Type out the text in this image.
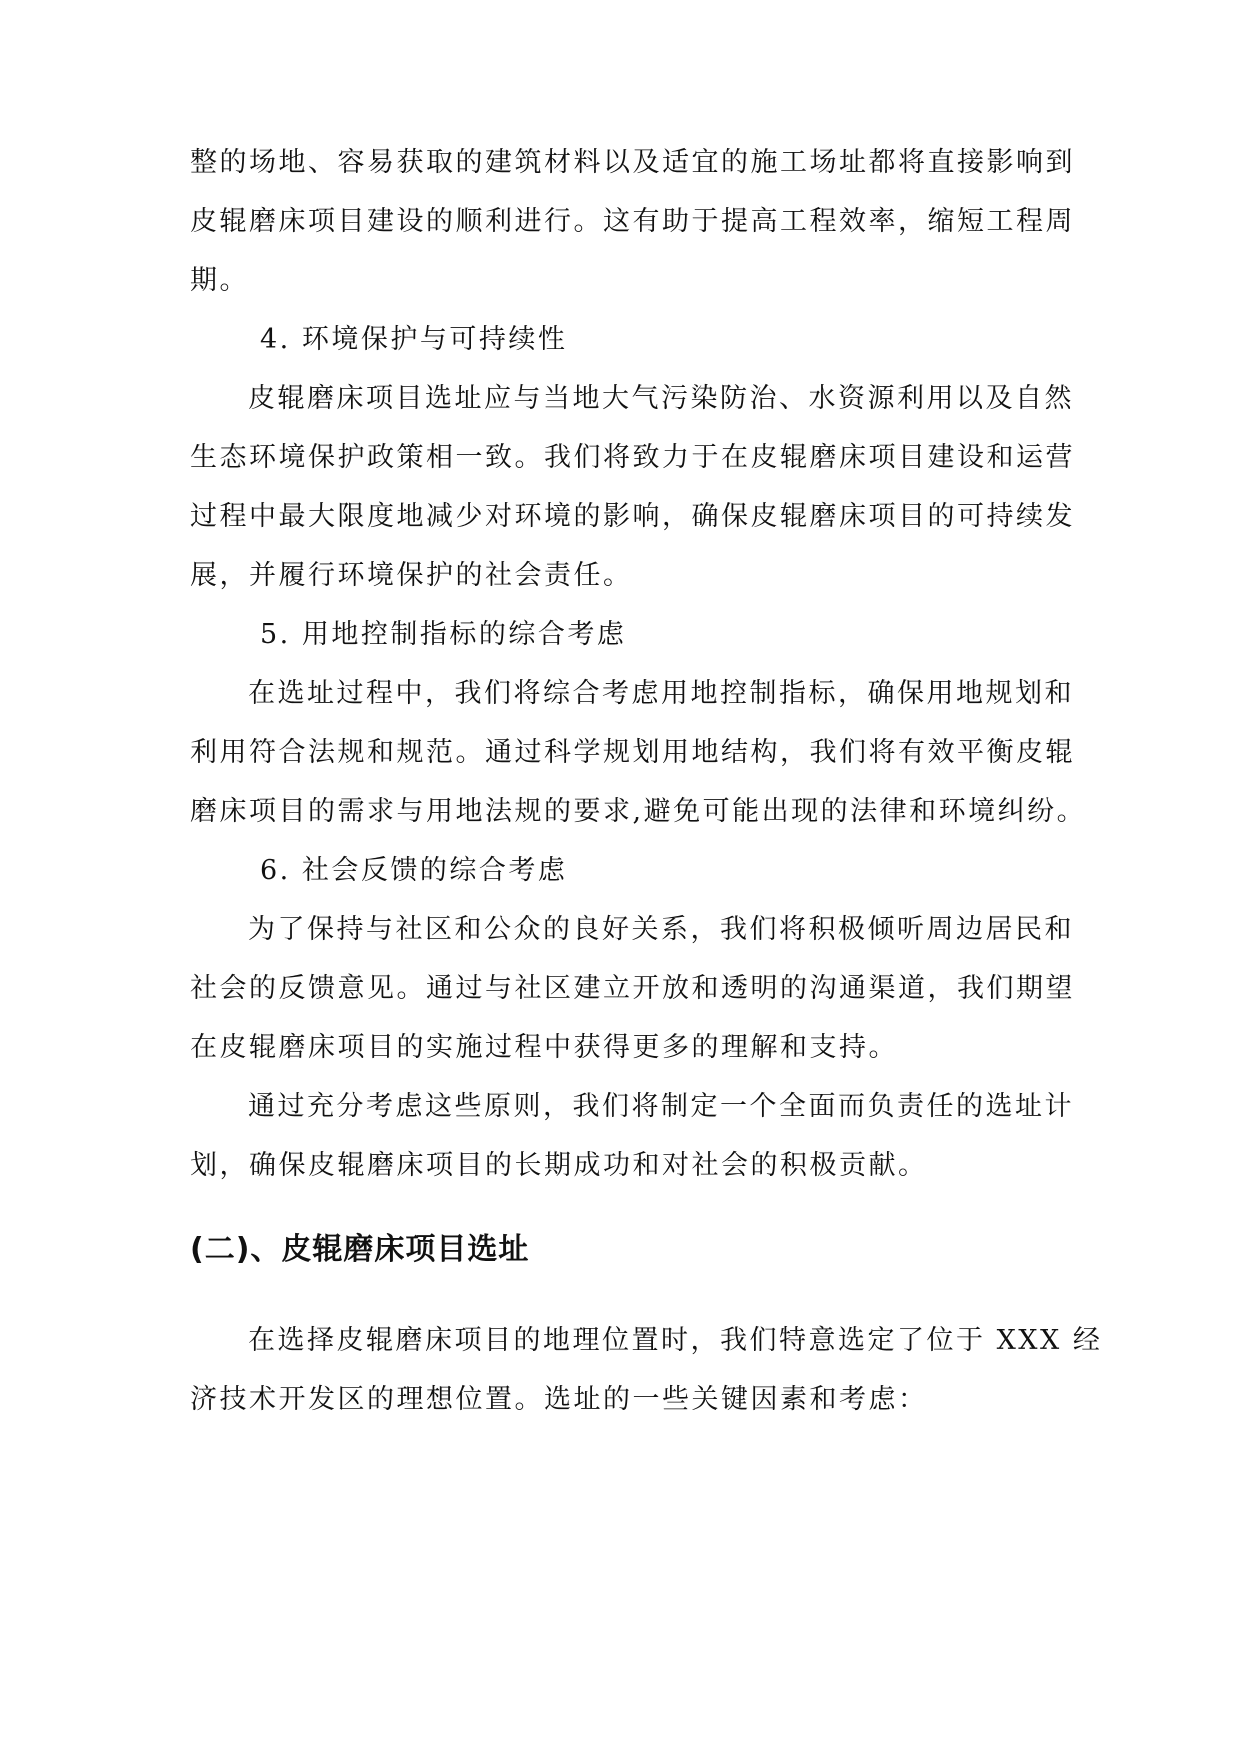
整的场地、容易获取的建筑材料以及适宜的施工场址都将直接影响到
皮辊磨床项目建设的顺利进行。这有助于提高工程效率，缩短工程周
期。
4. 环境保护与可持续性
皮辊磨床项目选址应与当地大气污染防治、水资源利用以及自然
生态环境保护政策相一致。我们将致力于在皮辊磨床项目建设和运营
过程中最大限度地减少对环境的影响，确保皮辊磨床项目的可持续发
展，并履行环境保护的社会责任。
5. 用地控制指标的综合考虑
在选址过程中，我们将综合考虑用地控制指标，确保用地规划和
利用符合法规和规范。通过科学规划用地结构，我们将有效平衡皮辊
磨床项目的需求与用地法规的要求,避免可能出现的法律和环境纠纷。
6. 社会反馈的综合考虑
为了保持与社区和公众的良好关系，我们将积极倾听周边居民和
社会的反馈意见。通过与社区建立开放和透明的沟通渠道，我们期望
在皮辊磨床项目的实施过程中获得更多的理解和支持。
通过充分考虑这些原则，我们将制定一个全面而负责任的选址计
划，确保皮辊磨床项目的长期成功和对社会的积极贡献。
(二)、皮辊磨床项目选址
在选择皮辊磨床项目的地理位置时，我们特意选定了位于 XXX 经
济技术开发区的理想位置。选址的一些关键因素和考虑：
